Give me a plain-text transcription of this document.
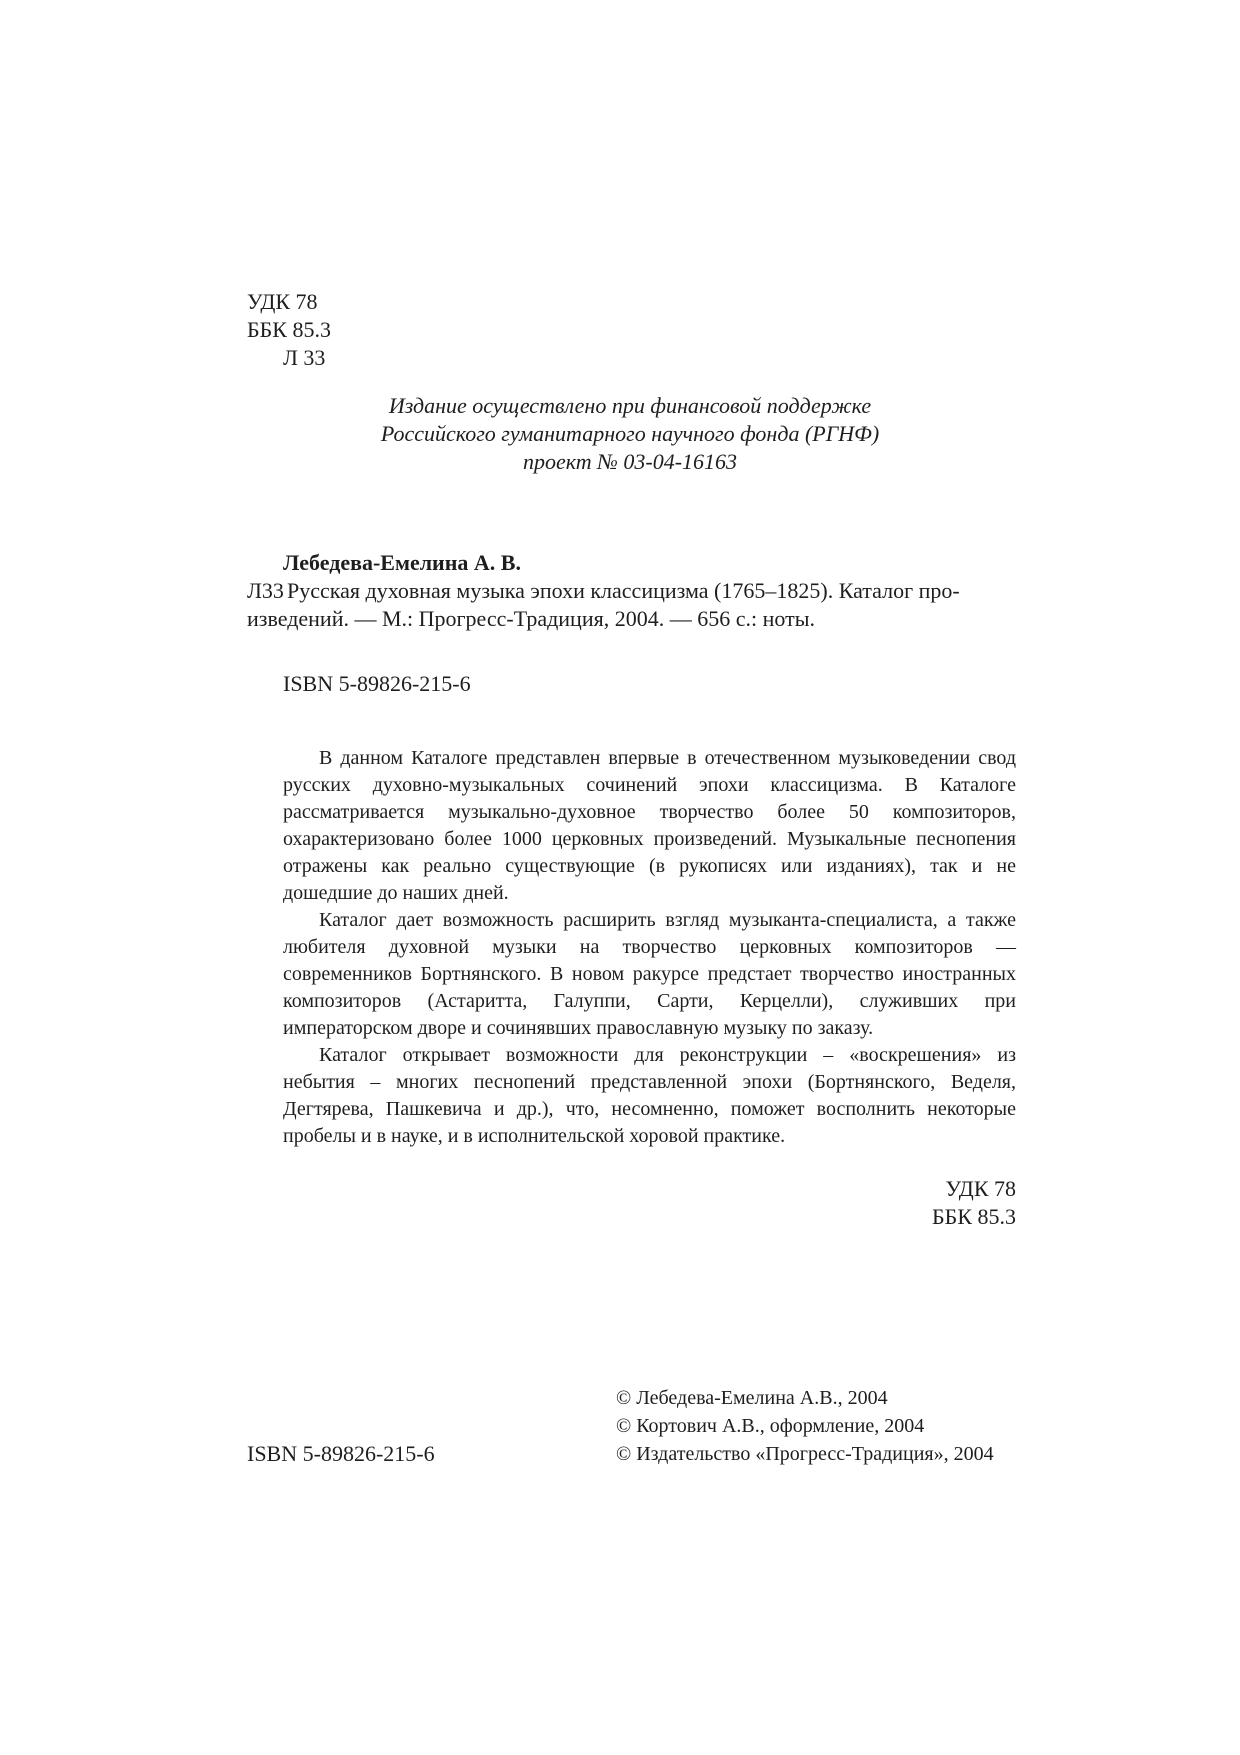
УДК 78
ББК 85.3
Л 33
Издание осуществлено при финансовой поддержке
Российского гуманитарного научного фонда (РГНФ)
проект № 03-04-16163
Лебедева-Емелина А. В.
Л33 Русская духовная музыка эпохи классицизма (1765–1825). Каталог про-
изведений. — М.: Прогресс-Традиция, 2004. — 656 с.: ноты.
ISBN 5-89826-215-6

В данном Каталоге представлен впервые в отечественном музыковедении свод русских духовно-музыкальных сочинений эпохи классицизма. В Каталоге рассматривается музыкально-духовное творчество более 50 композиторов, охарактеризовано более 1000 церковных произведений. Музыкальные песнопения отражены как реально существующие (в рукописях или изданиях), так и не дошедшие до наших дней.

Каталог дает возможность расширить взгляд музыканта-специалиста, а также любителя духовной музыки на творчество церковных композиторов — современников Бортнянского. В новом ракурсе предстает творчество иностранных композиторов (Астаритта, Галуппи, Сарти, Керцелли), служивших при императорском дворе и сочинявших православную музыку по заказу.

Каталог открывает возможности для реконструкции – «воскрешения» из небытия – многих песнопений представленной эпохи (Бортнянского, Веделя, Дегтярева, Пашкевича и др.), что, несомненно, поможет восполнить некоторые пробелы и в науке, и в исполнительской хоровой практике.

УДК 78
ББК 85.3
ISBN 5-89826-215-6
© Лебедева-Емелина А.В., 2004
© Кортович А.В., оформление, 2004
© Издательство «Прогресс-Традиция», 2004
